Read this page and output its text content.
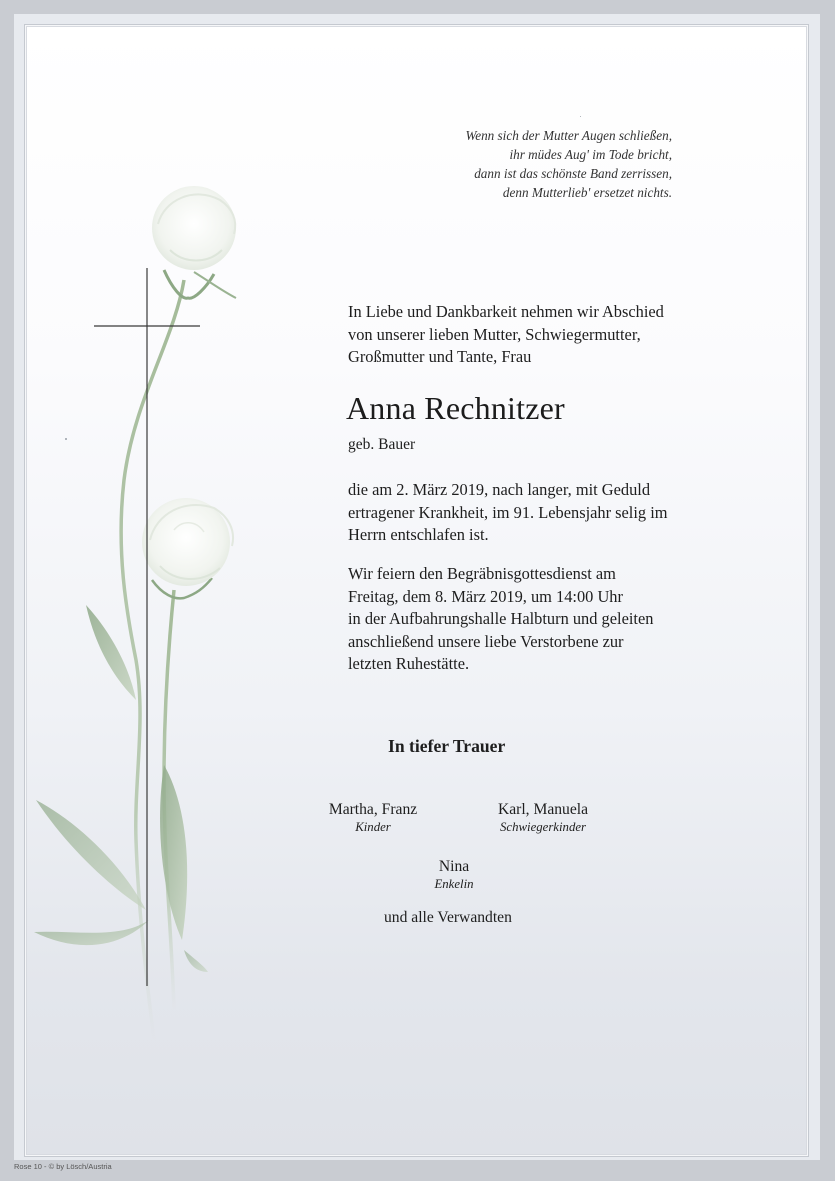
Wenn sich der Mutter Augen schließen,
ihr müdes Aug' im Tode bricht,
dann ist das schönste Band zerrissen,
denn Mutterlieb' ersetzet nichts.
In Liebe und Dankbarkeit nehmen wir Abschied
von unserer lieben Mutter, Schwiegermutter,
Großmutter und Tante, Frau
Anna Rechnitzer
geb. Bauer
die am 2. März 2019, nach langer, mit Geduld
ertragener Krankheit, im 91. Lebensjahr selig im
Herrn entschlafen ist.
Wir feiern den Begräbnisgottesdienst am
Freitag, dem 8. März 2019, um 14:00 Uhr
in der Aufbahrungshalle Halbturn und geleiten
anschließend unsere liebe Verstorbene zur
letzten Ruhestätte.
In tiefer Trauer
Martha, Franz
Kinder
Karl, Manuela
Schwiegerkinder
Nina
Enkelin
und alle Verwandten
Rose 10 - © by Lösch/Austria
